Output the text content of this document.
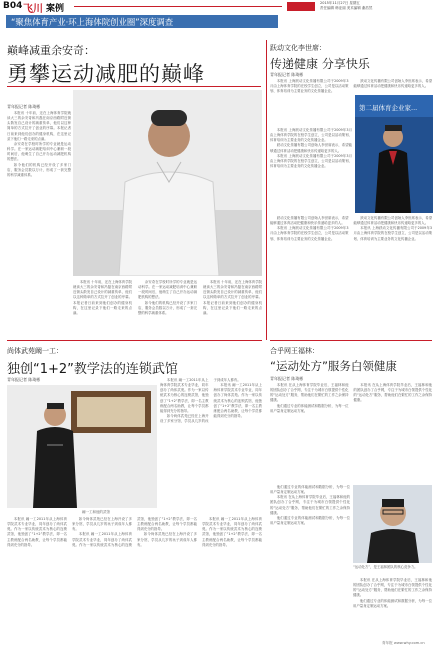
B04 飞川 案例
2015年11月27日 星期五
责任编辑 韩亚丽 美术编辑 谢浩然
“聚焦体育产业·环上海体院创业圈”深度调查
巅峰减重余安奇：
勇攀运动减肥的巅峰
青年报记者 陈琦彬

本报讯 十年前，还在上海体育学院就读大三的余安奇和冯磊在南京西路附近街头散发自己设计的减重传单，他们以这种简单的方式拉开了创业的序幕。本报记者日前来到他们创办的健身机构，在这里记录下他们一路走来的点滴。

余安奇在学校时所学的专业就是运动科学。在一家运动减肥培训中心兼职一段时间后，他萌生了自己开办运动减肥机构的想法。

如今他们的机构已经开设了多家门店，服务会员数以万计，形成了一套完整的科学减重体系。

本报讯 十年前，还在上海体育学院就读大三的余安奇和冯磊在南京西路附近街头散发自己设计的减重传单，他们以这种简单的方式拉开了创业的序幕。本报记者日前来到他们创办的健身机构，在这里记录下他们一路走来的点滴。

余安奇在学校时所学的专业就是运动科学。在一家运动减肥培训中心兼职一段时间后，他萌生了自己开办运动减肥机构的想法。

如今他们的机构已经开设了多家门店，服务会员数以万计，形成了一套完整的科学减重体系。

本报讯 十年前，还在上海体育学院就读大三的余安奇和冯磊在南京西路附近街头散发自己设计的减重传单，他们以这种简单的方式拉开了创业的序幕。本报记者日前来到他们创办的健身机构，在这里记录下他们一路走来的点滴。

跃动文化李世席：
传递健康 分享快乐
青年报记者 陈琦彬

本报讯 上海跃动文化传播有限公司于2009年3月由上海体育学院的在校学生创立，公司是以活动策划、体育培训为主要业务的文化传播企业。

跃动文化传播有限公司创始人李世席表示，希望能够通过体育活动把健康和快乐传递给更多的人。

第二届体育企业家...

本报讯 上海跃动文化传播有限公司于2009年3月由上海体育学院的在校学生创立，公司是以活动策划、体育培训为主要业务的文化传播企业。

跃动文化传播有限公司创始人李世席表示，希望能够通过体育活动把健康和快乐传递给更多的人。

本报讯 上海跃动文化传播有限公司于2009年3月由上海体育学院的在校学生创立，公司是以活动策划、体育培训为主要业务的文化传播企业。

跃动文化传播有限公司创始人李世席表示，希望能够通过体育活动把健康和快乐传递给更多的人。

本报讯 上海跃动文化传播有限公司于2009年3月由上海体育学院的在校学生创立，公司是以活动策划、体育培训为主要业务的文化传播企业。

跃动文化传播有限公司创始人李世席表示，希望能够通过体育活动把健康和快乐传递给更多的人。

本报讯 上海跃动文化传播有限公司于2009年3月由上海体育学院的在校学生创立，公司是以活动策划、体育培训为主要业务的文化传播企业。

尚体武苑阚一工：
独创“1+2”教学法的连锁武馆
青年报记者 陈琦彬	本报讯 阚一工2011年从上海体育学院武术专业毕业，同年创办了尚体武苑。作为一家以传统武术为核心的连锁武馆，他独创了“1+2”教学法，即一名主教练配合两名助教，让每个学员都能得到充分的指导。

如今尚体武苑已经在上海开设了多家分馆，学员从几岁的孩子到成年人都有。

本报讯 阚一工2011年从上海体育学院武术专业毕业，同年创办了尚体武苑。作为一家以传统武术为核心的连锁武馆，他独创了“1+2”教学法，即一名主教练配合两名助教，让每个学员都能得到充分的指导。

阚一工和他的武馆

本报讯 阚一工2011年从上海体育学院武术专业毕业，同年创办了尚体武苑。作为一家以传统武术为核心的连锁武馆，他独创了“1+2”教学法，即一名主教练配合两名助教，让每个学员都能得到充分的指导。

如今尚体武苑已经在上海开设了多家分馆，学员从几岁的孩子到成年人都有。

本报讯 阚一工2011年从上海体育学院武术专业毕业，同年创办了尚体武苑。作为一家以传统武术为核心的连锁武馆，他独创了“1+2”教学法，即一名主教练配合两名助教，让每个学员都能得到充分的指导。

如今尚体武苑已经在上海开设了多家分馆，学员从几岁的孩子到成年人都有。

本报讯 阚一工2011年从上海体育学院武术专业毕业，同年创办了尚体武苑。作为一家以传统武术为核心的连锁武馆，他独创了“1+2”教学法，即一名主教练配合两名助教，让每个学员都能得到充分的指导。

合乎网王福林：
“运动处方”服务白领健康
青年报记者 陈琦彬

本报讯 在从上海体育学院毕业后，王福林和他的团队创办了合乎网，专注于为城市白领提供个性化的“运动处方”服务，帮助他们在繁忙的工作之余保持健康。

他们通过专业的体能测试和数据分析，为每一位用户量身定制运动方案。

本报讯 在从上海体育学院毕业后，王福林和他的团队创办了合乎网，专注于为城市白领提供个性化的“运动处方”服务，帮助他们在繁忙的工作之余保持健康。

他们通过专业的体能测试和数据分析，为每一位用户量身定制运动方案。

本报讯 在从上海体育学院毕业后，王福林和他的团队创办了合乎网，专注于为城市白领提供个性化的“运动处方”服务，帮助他们在繁忙的工作之余保持健康。

他们通过专业的体能测试和数据分析，为每一位用户量身定制运动方案。

“运动处方”，是王福林团队的核心竞争力。

本报讯 在从上海体育学院毕业后，王福林和他的团队创办了合乎网，专注于为城市白领提供个性化的“运动处方”服务，帮助他们在繁忙的工作之余保持健康。

他们通过专业的体能测试和数据分析，为每一位用户量身定制运动方案。

青年报 www.why.com.cn
